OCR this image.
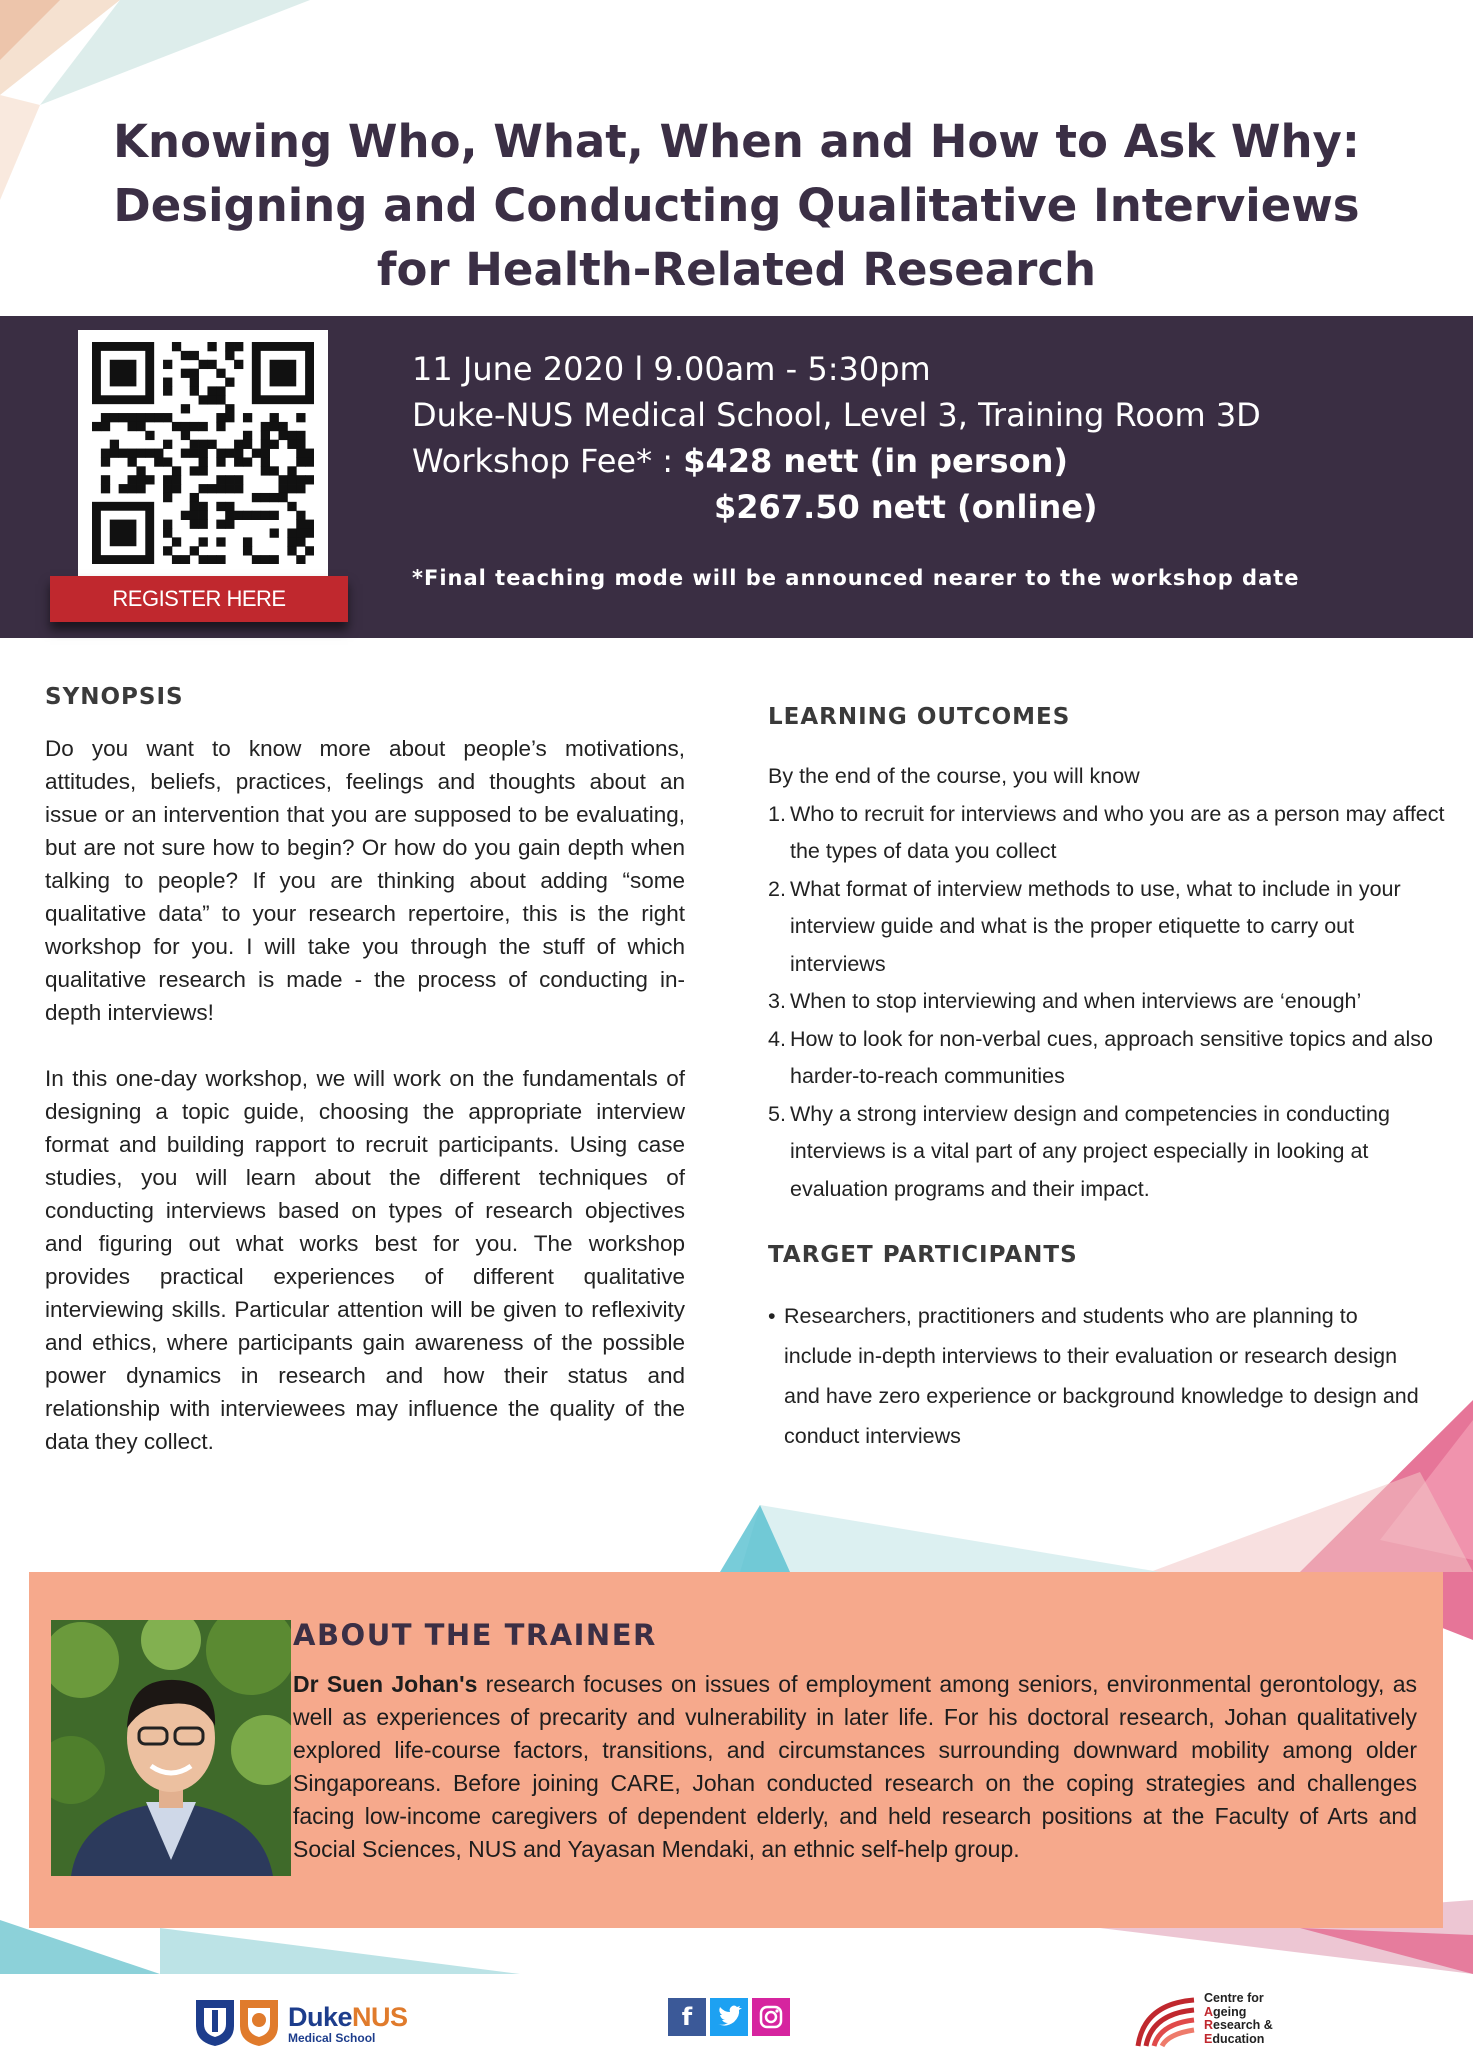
Knowing Who, What, When and How to Ask Why:
Designing and Conducting Qualitative Interviews
for Health-Related Research
REGISTER HERE
11 June 2020 l 9.00am - 5:30pm
Duke-NUS Medical School, Level 3, Training Room 3D
Workshop Fee* : $428 nett (in person)
$267.50 nett (online)
*Final teaching mode will be announced nearer to the workshop date
SYNOPSIS

Do you want to know more about people’s motivations, attitudes, beliefs, practices, feelings and thoughts about an issue or an intervention that you are supposed to be evaluating, but are not sure how to begin? Or how do you gain depth when talking to people? If you are thinking about adding “some qualitative data” to your research repertoire, this is the right workshop for you. I will take you through the stuff of which qualitative research is made - the process of conducting in-depth interviews!

In this one-day workshop, we will work on the fundamentals of designing a topic guide, choosing the appropriate interview format and building rapport to recruit participants. Using case studies, you will learn about the different techniques of conducting interviews based on types of research objectives and figuring out what works best for you. The workshop provides practical experiences of different qualitative interviewing skills. Particular attention will be given to reflexivity and ethics, where participants gain awareness of the possible power dynamics in research and how their status and relationship with interviewees may influence the quality of the data they collect.

LEARNING OUTCOMES
By the end of the course, you will know
1. Who to recruit for interviews and who you are as a person may affect the types of data you collect
2. What format of interview methods to use, what to include in your interview guide and what is the proper etiquette to carry out interviews
3. When to stop interviewing and when interviews are ‘enough’
4. How to look for non-verbal cues, approach sensitive topics and also harder-to-reach communities
5. Why a strong interview design and competencies in conducting interviews is a vital part of any project especially in looking at evaluation programs and their impact.
TARGET PARTICIPANTS
• Researchers, practitioners and students who are planning to include in-depth interviews to their evaluation or research design and have zero experience or background knowledge to design and conduct interviews
ABOUT THE TRAINER
Dr Suen Johan's research focuses on issues of employment among seniors, environmental gerontology, as well as experiences of precarity and vulnerability in later life. For his doctoral research, Johan qualitatively explored life-course factors, transitions, and circumstances surrounding downward mobility among older Singaporeans. Before joining CARE, Johan conducted research on the coping strategies and challenges facing low-income caregivers of dependent elderly, and held research positions at the Faculty of Arts and Social Sciences, NUS and Yayasan Mendaki, an ethnic self-help group.
DukeNUS
Medical School
f
Centre for
Ageing
Research &
Education
